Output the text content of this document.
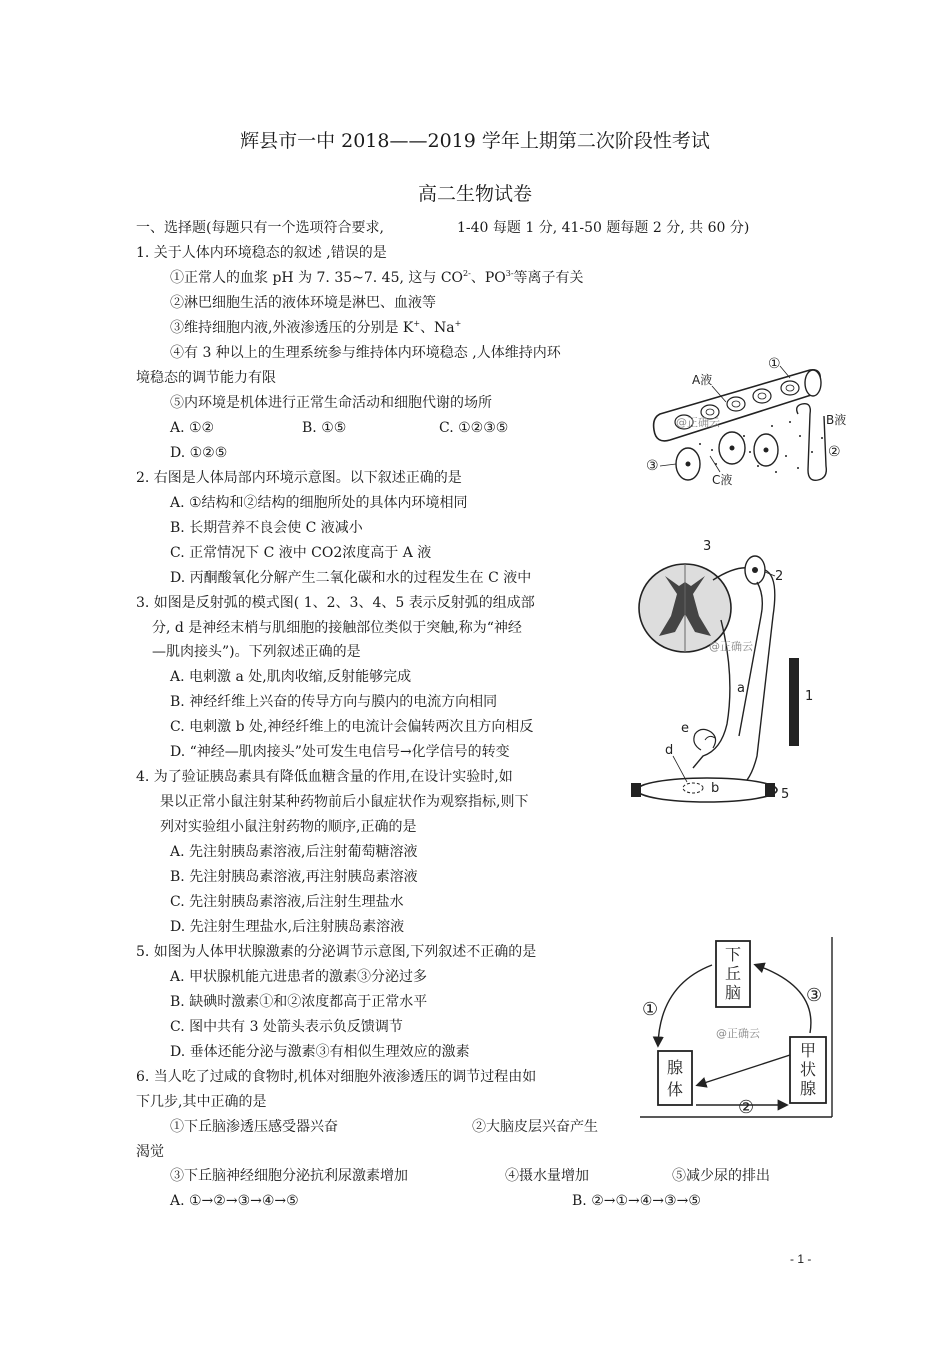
辉县市一中 2018——2019 学年上期第二次阶段性考试
高二生物试卷
一、选择题(每题只有一个选项符合要求,	1-40 每题 1 分, 41-50 题每题 2 分, 共 60 分)
1. 关于人体内环境稳态的叙述 ,错误的是
①正常人的血浆 pH 为 7. 35~7. 45, 这与 $CO^{2-}$、$PO^{3-}$等离子有关
②淋巴细胞生活的液体环境是淋巴、血液等
③维持细胞内液,外液渗透压的分别是 K+、Na+
④有 3 种以上的生理系统参与维持体内环境稳态 ,人体维持内环
境稳态的调节能力有限
⑤内环境是机体进行正常生命活动和细胞代谢的场所
A. ①②	B. ①⑤	C. ①②③⑤
D. ①②⑤
2. 右图是人体局部内环境示意图。以下叙述正确的是
A. ①结构和②结构的细胞所处的具体内环境相同
B. 长期营养不良会使 C 液减小
C. 正常情况下 C 液中 CO2浓度高于 A 液
D. 丙酮酸氧化分解产生二氧化碳和水的过程发生在 C 液中
3. 如图是反射弧的模式图( 1、2、3、4、5 表示反射弧的组成部
分, d 是神经末梢与肌细胞的接触部位类似于突触,称为“神经
—肌肉接头”)。下列叙述正确的是
A. 电刺激 a 处,肌肉收缩,反射能够完成
B. 神经纤维上兴奋的传导方向与膜内的电流方向相同
C. 电刺激 b 处,神经纤维上的电流计会偏转两次且方向相反
D. “神经—肌肉接头”处可发生电信号→化学信号的转变
4. 为了验证胰岛素具有降低血糖含量的作用,在设计实验时,如
果以正常小鼠注射某种药物前后小鼠症状作为观察指标,则下
列对实验组小鼠注射药物的顺序,正确的是
A. 先注射胰岛素溶液,后注射葡萄糖溶液
B. 先注射胰岛素溶液,再注射胰岛素溶液
C. 先注射胰岛素溶液,后注射生理盐水
D. 先注射生理盐水,后注射胰岛素溶液
5. 如图为人体甲状腺激素的分泌调节示意图,下列叙述不正确的是
A. 甲状腺机能亢进患者的激素③分泌过多
B. 缺碘时激素①和②浓度都高于正常水平
C. 图中共有 3 处箭头表示负反馈调节
D. 垂体还能分泌与激素③有相似生理效应的激素
6. 当人吃了过咸的食物时,机体对细胞外液渗透压的调节过程由如
下几步,其中正确的是
①下丘脑渗透压感受器兴奋	②大脑皮层兴奋产生
渴觉
③下丘脑神经细胞分泌抗利尿激素增加	④摄水量增加	⑤减少尿的排出
A. ①→②→③→④→⑤	B. ②→①→④→③→⑤
A液
B液
C液
①
②
③
@正确云
3
2
1
5
a
b
d
e
@正确云
下
丘
脑
腺
体
甲
状
腺
①
②
③
@正确云
- 1 -
